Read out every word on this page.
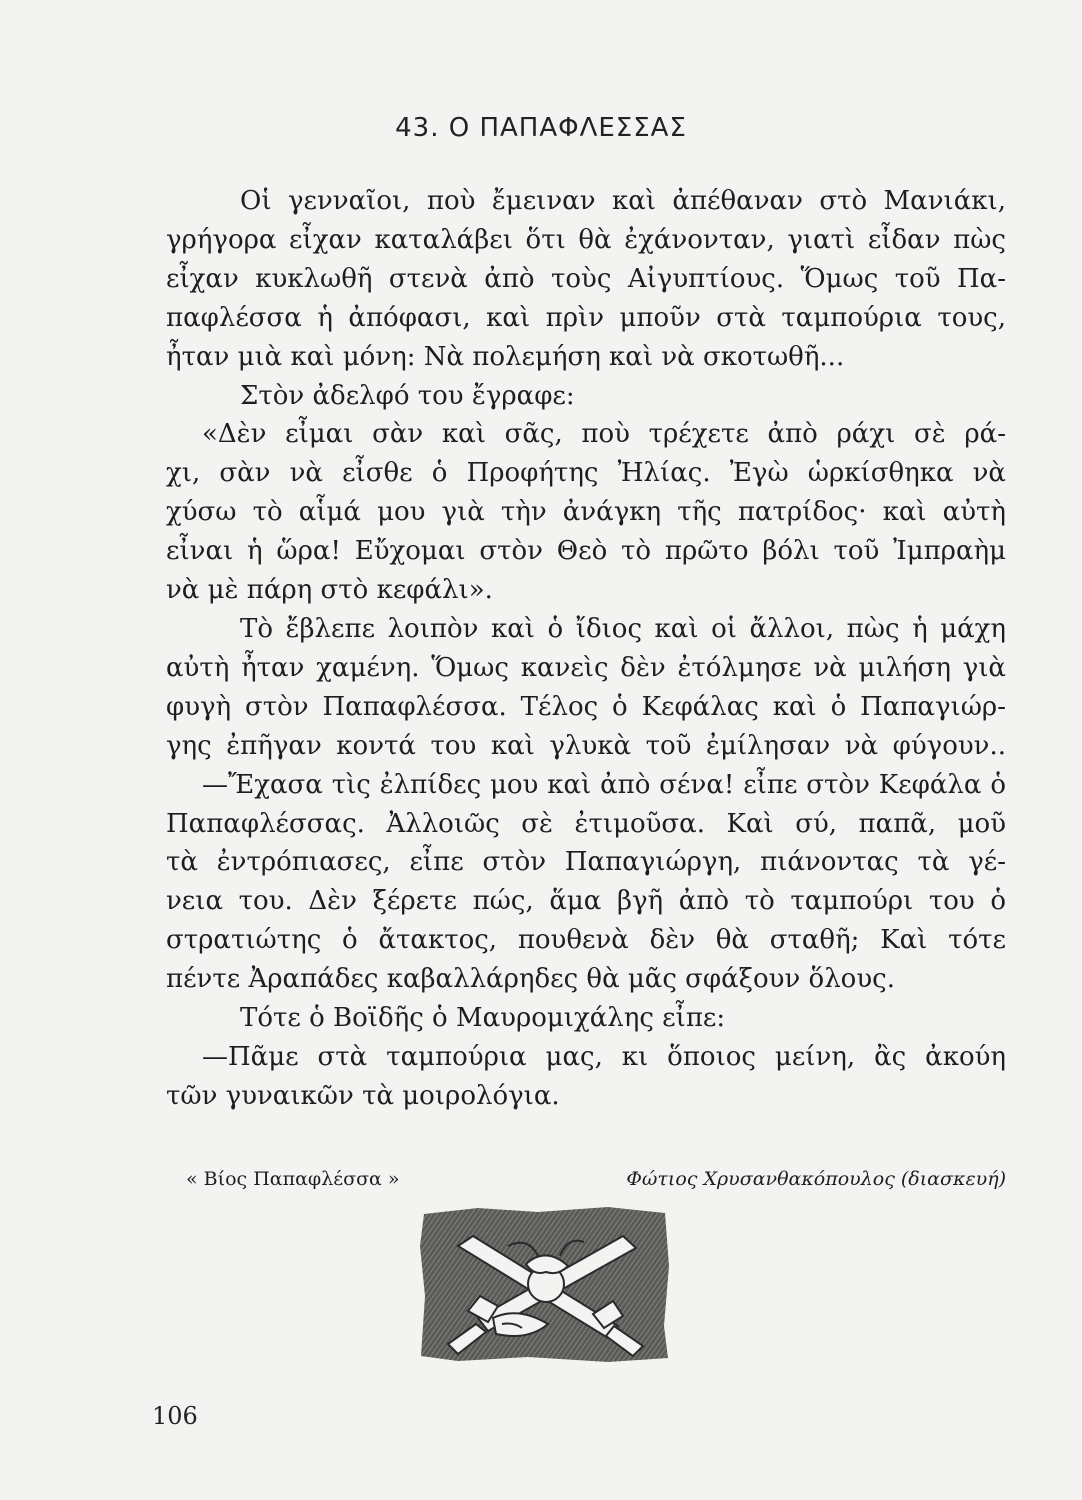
43. Ο ΠΑΠΑΦΛΕΣΣΑΣ
Οἱ γενναῖοι, ποὺ ἔμειναν καὶ ἀπέθαναν στὸ Μανιάκι,
γρήγορα εἶχαν καταλάβει ὅτι θὰ ἐχάνονταν, γιατὶ εἶδαν πὼς
εἶχαν κυκλωθῆ στενὰ ἀπὸ τοὺς Αἰγυπτίους. Ὅμως τοῦ Πα-
παφλέσσα ἡ ἀπόφασι, καὶ πρὶν μποῦν στὰ ταμπούρια τους,
ἦταν μιὰ καὶ μόνη: Νὰ πολεμήση καὶ νὰ σκοτωθῆ...
Στὸν ἀδελφό του ἔγραφε:
«Δὲν εἶμαι σὰν καὶ σᾶς, ποὺ τρέχετε ἀπὸ ράχι σὲ ρά-
χι, σὰν νὰ εἶσθε ὁ Προφήτης Ἠλίας. Ἐγὼ ὡρκίσθηκα νὰ
χύσω τὸ αἷμά μου γιὰ τὴν ἀνάγκη τῆς πατρίδος· καὶ αὐτὴ
εἶναι ἡ ὥρα! Εὔχομαι στὸν Θεὸ τὸ πρῶτο βόλι τοῦ Ἰμπραὴμ
νὰ μὲ πάρη στὸ κεφάλι».
Τὸ ἔβλεπε λοιπὸν καὶ ὁ ἴδιος καὶ οἱ ἄλλοι, πὼς ἡ μάχη
αὐτὴ ἦταν χαμένη. Ὅμως κανεὶς δὲν ἐτόλμησε νὰ μιλήση γιὰ
φυγὴ στὸν Παπαφλέσσα. Τέλος ὁ Κεφάλας καὶ ὁ Παπαγιώρ-
γης ἐπῆγαν κοντά του καὶ γλυκὰ τοῦ ἐμίλησαν νὰ φύγουν..
—Ἔχασα τὶς ἐλπίδες μου καὶ ἀπὸ σένα! εἶπε στὸν Κεφάλα ὁ
Παπαφλέσσας. Ἀλλοιῶς σὲ ἐτιμοῦσα. Καὶ σύ, παπᾶ, μοῦ
τὰ ἐντρόπιασες, εἶπε στὸν Παπαγιώργη, πιάνοντας τὰ γέ-
νεια του. Δὲν ξέρετε πώς, ἅμα βγῆ ἀπὸ τὸ ταμπούρι του ὁ
στρατιώτης ὁ ἄτακτος, πουθενὰ δὲν θὰ σταθῆ; Καὶ τότε
πέντε Ἀραπάδες καβαλλάρηδες θὰ μᾶς σφάξουν ὅλους.
Τότε ὁ Βοϊδῆς ὁ Μαυρομιχάλης εἶπε:
—Πᾶμε στὰ ταμπούρια μας, κι ὅποιος μείνη, ἂς ἀκούη
τῶν γυναικῶν τὰ μοιρολόγια.
« Βίος Παπαφλέσσα »	Φώτιος Χρυσανθακόπουλος (διασκευή)
106
